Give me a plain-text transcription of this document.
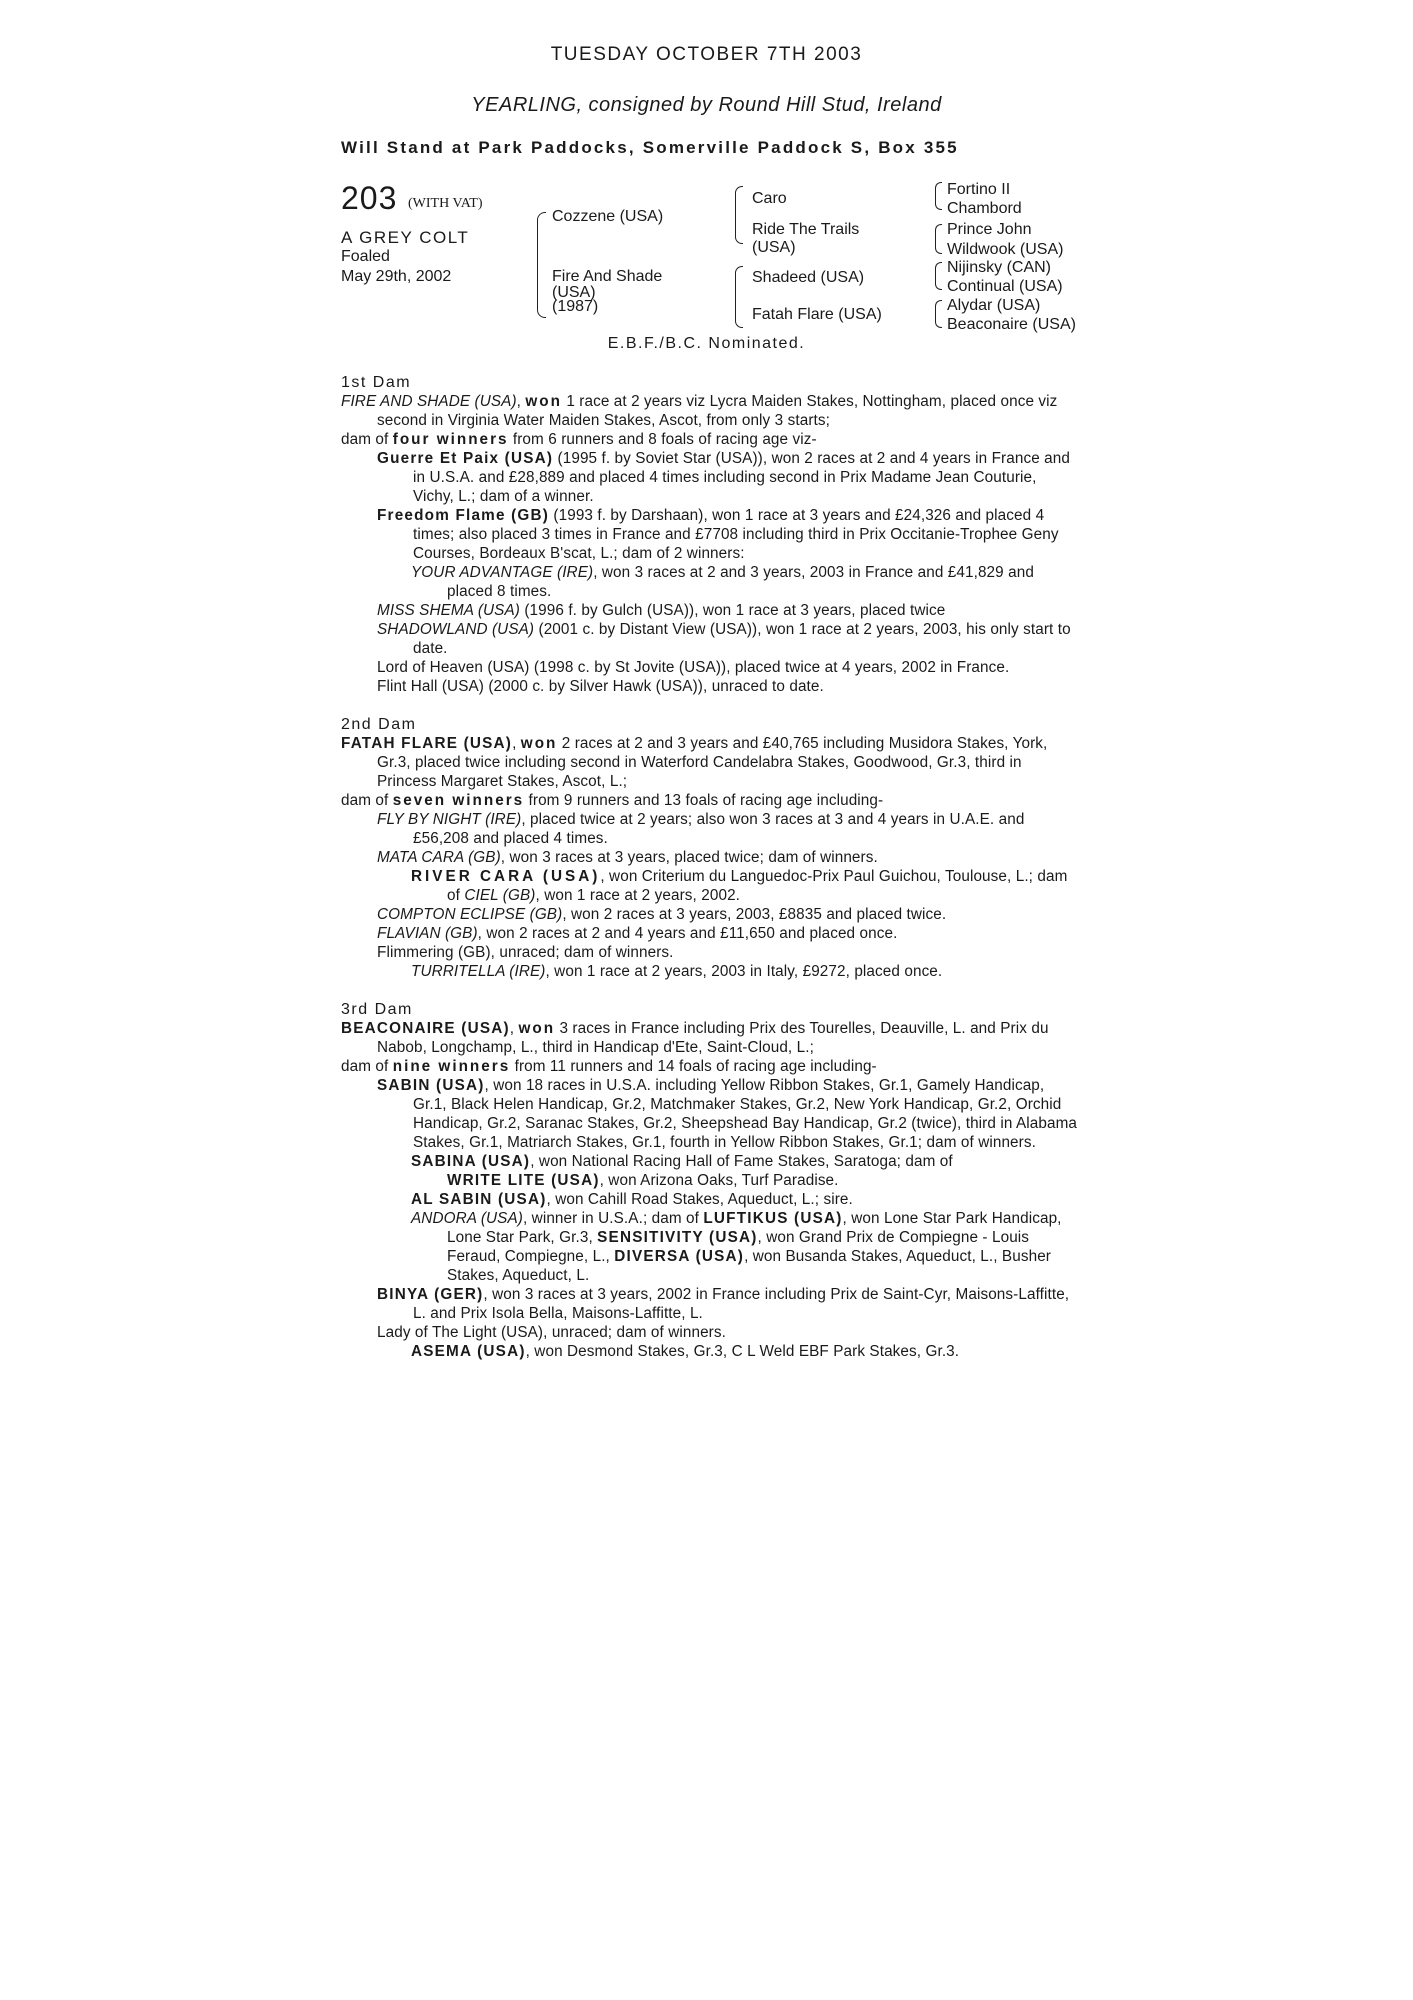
TUESDAY OCTOBER 7TH 2003
YEARLING, consigned by Round Hill Stud, Ireland
Will Stand at Park Paddocks, Somerville Paddock S, Box 355
203 (WITH VAT)
A GREY COLT
Foaled
May 29th, 2002
Cozzene (USA)
Fire And Shade
(USA)
(1987)
Caro
Ride The Trails
(USA)
Shadeed (USA)
Fatah Flare (USA)
Fortino II
Chambord
Prince John
Wildwook (USA)
Nijinsky (CAN)
Continual (USA)
Alydar (USA)
Beaconaire (USA)
E.B.F./B.C. Nominated.

1st Dam

FIRE AND SHADE (USA), won 1 race at 2 years viz Lycra Maiden Stakes, Nottingham, placed once viz second in Virginia Water Maiden Stakes, Ascot, from only 3 starts;

dam of four winners from 6 runners and 8 foals of racing age viz-

Guerre Et Paix (USA) (1995 f. by Soviet Star (USA)), won 2 races at 2 and 4 years in France and in U.S.A. and £28,889 and placed 4 times including second in Prix Madame Jean Couturie, Vichy, L.; dam of a winner.

Freedom Flame (GB) (1993 f. by Darshaan), won 1 race at 3 years and £24,326 and placed 4 times; also placed 3 times in France and £7708 including third in Prix Occitanie-Trophee Geny Courses, Bordeaux B'scat, L.; dam of 2 winners:

YOUR ADVANTAGE (IRE), won 3 races at 2 and 3 years, 2003 in France and £41,829 and placed 8 times.

MISS SHEMA (USA) (1996 f. by Gulch (USA)), won 1 race at 3 years, placed twice

SHADOWLAND (USA) (2001 c. by Distant View (USA)), won 1 race at 2 years, 2003, his only start to date.

Lord of Heaven (USA) (1998 c. by St Jovite (USA)), placed twice at 4 years, 2002 in France.

Flint Hall (USA) (2000 c. by Silver Hawk (USA)), unraced to date.

2nd Dam

FATAH FLARE (USA), won 2 races at 2 and 3 years and £40,765 including Musidora Stakes, York, Gr.3, placed twice including second in Waterford Candelabra Stakes, Goodwood, Gr.3, third in Princess Margaret Stakes, Ascot, L.;

dam of seven winners from 9 runners and 13 foals of racing age including-

FLY BY NIGHT (IRE), placed twice at 2 years; also won 3 races at 3 and 4 years in U.A.E. and £56,208 and placed 4 times.

MATA CARA (GB), won 3 races at 3 years, placed twice; dam of winners.

RIVER CARA (USA), won Criterium du Languedoc-Prix Paul Guichou, Toulouse, L.; dam of CIEL (GB), won 1 race at 2 years, 2002.

COMPTON ECLIPSE (GB), won 2 races at 3 years, 2003, £8835 and placed twice.

FLAVIAN (GB), won 2 races at 2 and 4 years and £11,650 and placed once.

Flimmering (GB), unraced; dam of winners.

TURRITELLA (IRE), won 1 race at 2 years, 2003 in Italy, £9272, placed once.

3rd Dam

BEACONAIRE (USA), won 3 races in France including Prix des Tourelles, Deauville, L. and Prix du Nabob, Longchamp, L., third in Handicap d'Ete, Saint-Cloud, L.;

dam of nine winners from 11 runners and 14 foals of racing age including-

SABIN (USA), won 18 races in U.S.A. including Yellow Ribbon Stakes, Gr.1, Gamely Handicap, Gr.1, Black Helen Handicap, Gr.2, Matchmaker Stakes, Gr.2, New York Handicap, Gr.2, Orchid Handicap, Gr.2, Saranac Stakes, Gr.2, Sheepshead Bay Handicap, Gr.2 (twice), third in Alabama Stakes, Gr.1, Matriarch Stakes, Gr.1, fourth in Yellow Ribbon Stakes, Gr.1; dam of winners.

SABINA (USA), won National Racing Hall of Fame Stakes, Saratoga; dam of

WRITE LITE (USA), won Arizona Oaks, Turf Paradise.

AL SABIN (USA), won Cahill Road Stakes, Aqueduct, L.; sire.

ANDORA (USA), winner in U.S.A.; dam of LUFTIKUS (USA), won Lone Star Park Handicap, Lone Star Park, Gr.3, SENSITIVITY (USA), won Grand Prix de Compiegne - Louis Feraud, Compiegne, L., DIVERSA (USA), won Busanda Stakes, Aqueduct, L., Busher Stakes, Aqueduct, L.

BINYA (GER), won 3 races at 3 years, 2002 in France including Prix de Saint-Cyr, Maisons-Laffitte, L. and Prix Isola Bella, Maisons-Laffitte, L.

Lady of The Light (USA), unraced; dam of winners.

ASEMA (USA), won Desmond Stakes, Gr.3, C L Weld EBF Park Stakes, Gr.3.
